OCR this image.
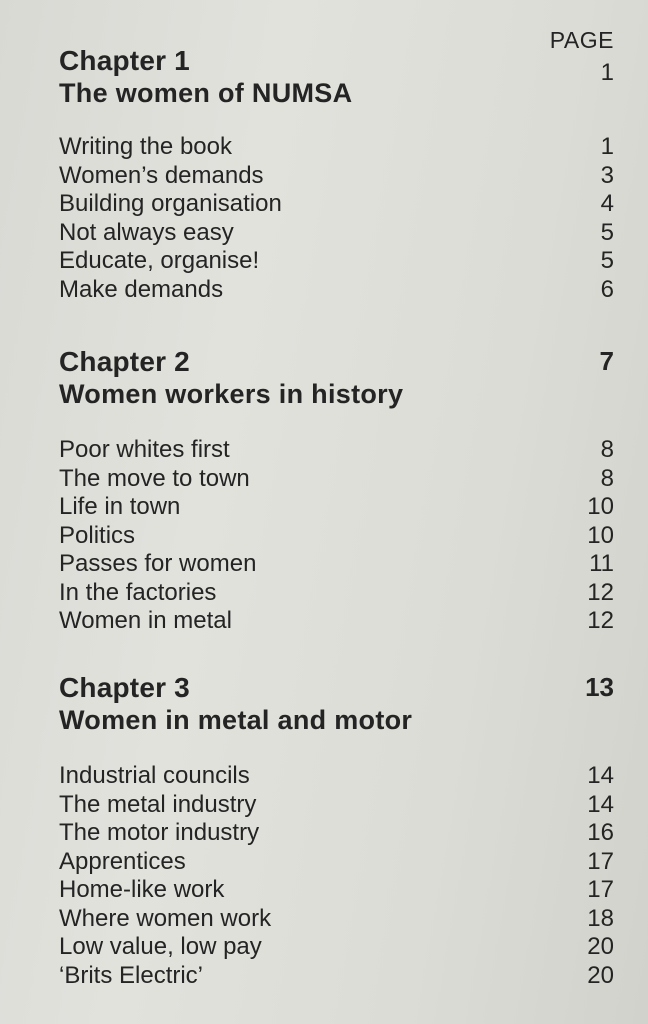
PAGE
Chapter 1	1
The women of NUMSA
Writing the book	1
Women’s demands	3
Building organisation	4
Not always easy	5
Educate, organise!	5
Make demands	6
Chapter 2	7
Women workers in history
Poor whites first	8
The move to town	8
Life in town	10
Politics	10
Passes for women	11
In the factories	12
Women in metal	12
Chapter 3	13
Women in metal and motor
Industrial councils	14
The metal industry	14
The motor industry	16
Apprentices	17
Home-like work	17
Where women work	18
Low value, low pay	20
‘Brits Electric’	20
